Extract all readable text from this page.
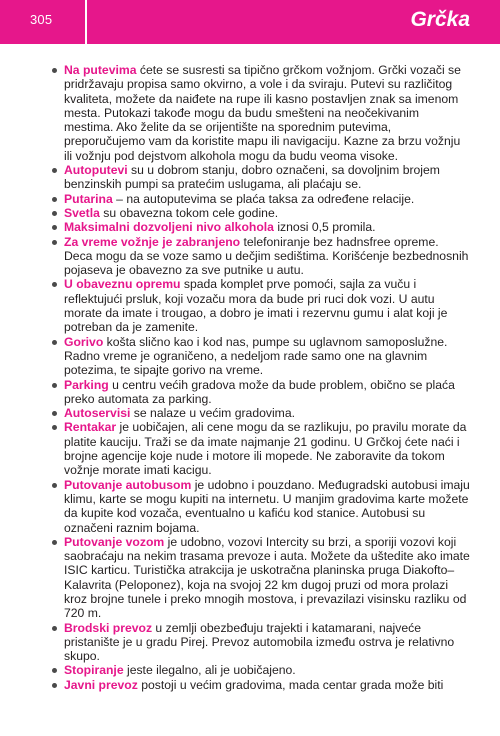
305	Grčka
Na putevima ćete se susresti sa tipično grčkom vožnjom. Grčki vozači se pridržavaju propisa samo okvirno, a vole i da sviraju. Putevi su različitog kvaliteta, možete da naiđete na rupe ili kasno postavljen znak sa imenom mesta. Putokazi takođe mogu da budu smešteni na neočekivanim mestima. Ako želite da se orijentište na sporednim putevima, preporučujemo vam da koristite mapu ili navigaciju. Kazne za brzu vožnju ili vožnju pod dejstvom alkohola mogu da budu veoma visoke.
Autoputevi su u dobrom stanju, dobro označeni, sa dovoljnim brojem benzinskih pumpi sa pratećim uslugama, ali plaćaju se.
Putarina – na autoputevima se plaća taksa za određene relacije.
Svetla su obavezna tokom cele godine.
Maksimalni dozvoljeni nivo alkohola iznosi 0,5 promila.
Za vreme vožnje je zabranjeno telefoniranje bez hadnsfree opreme. Deca mogu da se voze samo u dečjim sedištima. Korišćenje bezbednosnih pojaseva je obavezno za sve putnike u autu.
U obaveznu opremu spada komplet prve pomoći, sajla za vuču i reflektujući prsluk, koji vozaču mora da bude pri ruci dok vozi. U autu morate da imate i trougao, a dobro je imati i rezervnu gumu i alat koji je potreban da je zamenite.
Gorivo košta slično kao i kod nas, pumpe su uglavnom samoposlužne. Radno vreme je ograničeno, a nedeljom rade samo one na glavnim potezima, te sipajte gorivo na vreme.
Parking u centru većih gradova može da bude problem, obično se plaća preko automata za parking.
Autoservisi se nalaze u većim gradovima.
Rentakar je uobičajen, ali cene mogu da se razlikuju, po pravilu morate da platite kauciju. Traži se da imate najmanje 21 godinu. U Grčkoj ćete naći i brojne agencije koje nude i motore ili mopede. Ne zaboravite da tokom vožnje morate imati kacigu.
Putovanje autobusom je udobno i pouzdano. Međugradski autobusi imaju klimu, karte se mogu kupiti na internetu. U manjim gradovima karte možete da kupite kod vozača, eventualno u kafiću kod stanice. Autobusi su označeni raznim bojama.
Putovanje vozom je udobno, vozovi Intercity su brzi, a sporiji vozovi koji saobraćaju na nekim trasama prevoze i auta. Možete da uštedite ako imate ISIC karticu. Turistička atrakcija je uskotračna planinska pruga Diakofto–Kalavrita (Peloponez), koja na svojoj 22 km dugoj pruzi od mora prolazi kroz brojne tunele i preko mnogih mostova, i prevazilazi visinsku razliku od 720 m.
Brodski prevoz u zemlji obezbeđuju trajekti i katamarani, najveće pristanište je u gradu Pirej. Prevoz automobila između ostrva je relativno skupo.
Stopiranje jeste ilegalno, ali je uobičajeno.
Javni prevoz postoji u većim gradovima, mada centar grada može biti
